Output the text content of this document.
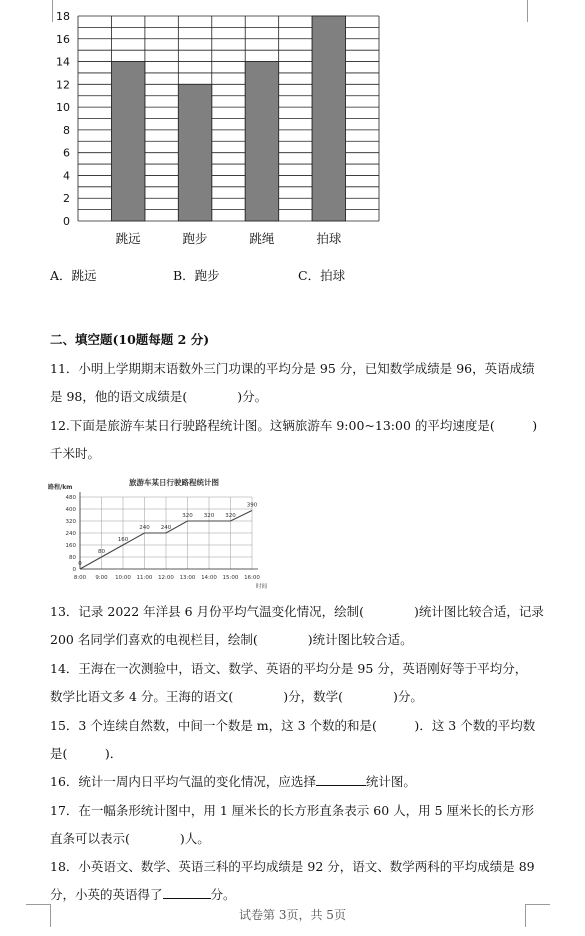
18
16
14
12
10
8
6
4
2
0
跳远	跑步	跳绳	拍球
A．跳远	B．跑步	C．拍球
二、填空题(10题每题 2 分)
11．小明上学期期末语数外三门功课的平均分是 95 分，已知数学成绩是 96，英语成绩
是 98，他的语文成绩是(　　　　)分。
12.下面是旅游车某日行驶路程统计图。这辆旅游车 9:00~13:00 的平均速度是(　　　)
千米时。
旅游车某日行驶路程统计图
路程/km
时间
480
400
320
240
160
80
0
8:00 9:00 10:00 11:00 12:00 13:00 14:00 15:00 16:00
0
80
160
240 240
320 320 320
390
13．记录 2022 年洋县 6 月份平均气温变化情况，绘制(　　　　)统计图比较合适，记录
200 名同学们喜欢的电视栏目，绘制(　　　　)统计图比较合适。
14．王海在一次测验中，语文、数学、英语的平均分是 95 分，英语刚好等于平均分，
数学比语文多 4 分。王海的语文(　　　　)分，数学(　　　　)分。
15．3 个连续自然数，中间一个数是 m，这 3 个数的和是(　　　)．这 3 个数的平均数
是(　　　)．
16．统计一周内日平均气温的变化情况，应选择	统计图。
17．在一幅条形统计图中，用 1 厘米长的长方形直条表示 60 人，用 5 厘米长的长方形
直条可以表示(　　　　)人。
18．小英语文、数学、英语三科的平均成绩是 92 分，语文、数学两科的平均成绩是 89
分，小英的英语得了	分。
试卷第 3页，共 5页
